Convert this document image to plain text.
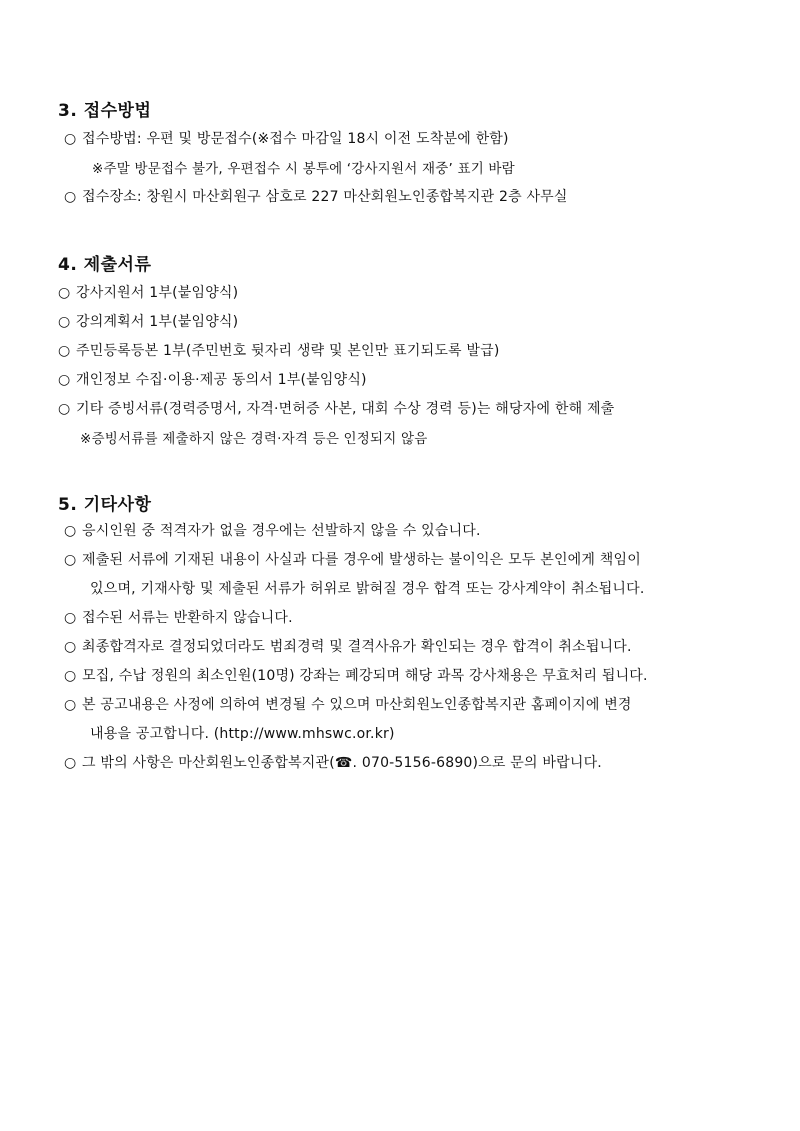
3. 접수방법
○ 접수방법: 우편 및 방문접수(※접수 마감일 18시 이전 도착분에 한함)
※주말 방문접수 불가, 우편접수 시 봉투에 ‘강사지원서 재중’ 표기 바람
○ 접수장소: 창원시 마산회원구 삼호로 227 마산회원노인종합복지관 2층 사무실
4. 제출서류
○ 강사지원서 1부(붙임양식)
○ 강의계획서 1부(붙임양식)
○ 주민등록등본 1부(주민번호 뒷자리 생략 및 본인만 표기되도록 발급)
○ 개인정보 수집·이용·제공 동의서 1부(붙임양식)
○ 기타 증빙서류(경력증명서, 자격·면허증 사본, 대회 수상 경력 등)는 해당자에 한해 제출
※증빙서류를 제출하지 않은 경력·자격 등은 인정되지 않음
5. 기타사항
○ 응시인원 중 적격자가 없을 경우에는 선발하지 않을 수 있습니다.
○ 제출된 서류에 기재된 내용이 사실과 다를 경우에 발생하는 불이익은 모두 본인에게 책임이
있으며, 기재사항 및 제출된 서류가 허위로 밝혀질 경우 합격 또는 강사계약이 취소됩니다.
○ 접수된 서류는 반환하지 않습니다.
○ 최종합격자로 결정되었더라도 범죄경력 및 결격사유가 확인되는 경우 합격이 취소됩니다.
○ 모집, 수납 정원의 최소인원(10명) 강좌는 폐강되며 해당 과목 강사채용은 무효처리 됩니다.
○ 본 공고내용은 사정에 의하여 변경될 수 있으며 마산회원노인종합복지관 홈페이지에 변경
내용을 공고합니다. (http://www.mhswc.or.kr)
○ 그 밖의 사항은 마산회원노인종합복지관(☎. 070-5156-6890)으로 문의 바랍니다.
